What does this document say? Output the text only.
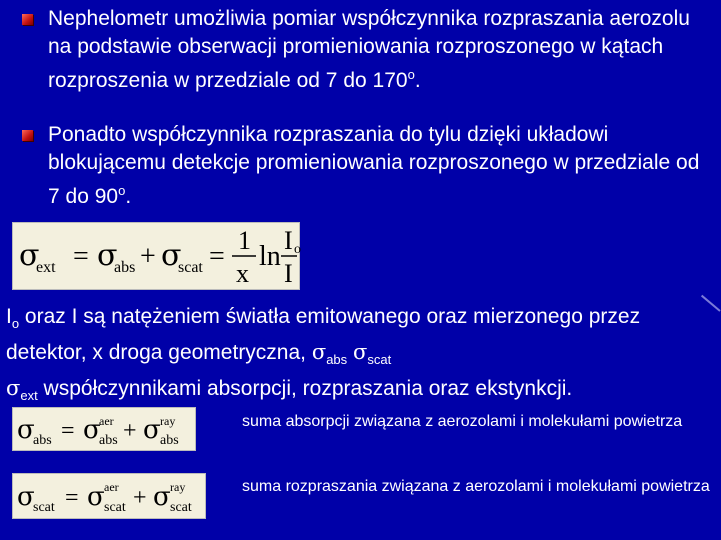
Nephelometr umożliwia pomiar współczynnika rozpraszania aerozolu na podstawie obserwacji promieniowania rozproszonego w kątach rozproszenia w przedziale od 7 do 170$^o$.

Ponadto współczynnika rozpraszania do tylu dzięki układowi blokującemu detekcje promieniowania rozproszonego w przedziale od 7 do 90$^o$.

σ
ext = σ
abs + σ
scat =
1
x
ln
I o
I

$I_o$ oraz I są natężeniem światła emitowanego oraz mierzonego przez detektor, x droga geometryczna, $\sigma_{abs}$ $\sigma_{scat}$
$\sigma_{ext}$ współczynnikami absorpcji, rozpraszania oraz ekstynkcji.

σ
abs = σ
aer
abs + σ ray
abs

suma absorpcji związana z aerozolami i molekułami powietrza

σ
scat = σ aer
scat + σ ray
scat

suma rozpraszania związana z aerozolami i molekułami powietrza
